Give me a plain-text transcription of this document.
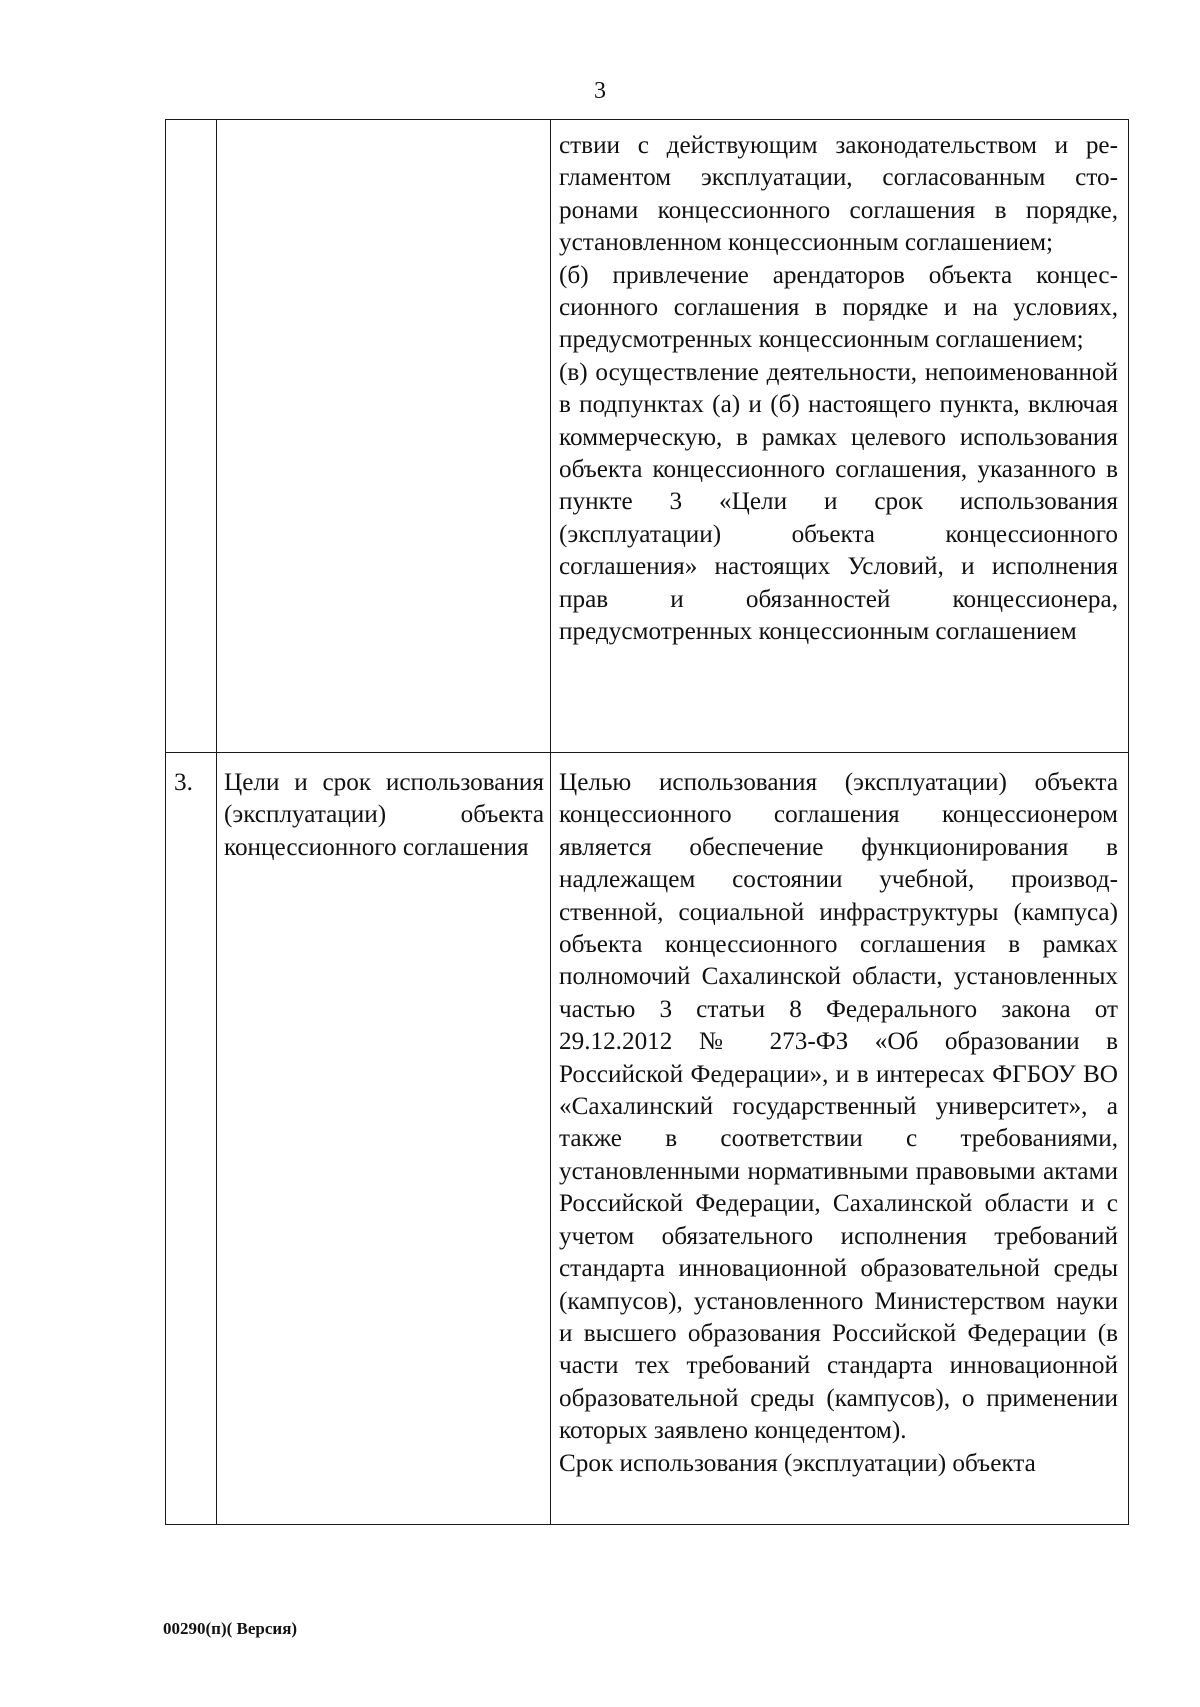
3

		ствии с действующим законодательством и регламентом эксплуатации, согласованным сторонами концессионного соглашения в порядке, установленном концессионным соглашением;
(б) привлечение арендаторов объекта концессионного соглашения в порядке и на условиях, предусмотренных концессионным соглашением;
(в) осуществление деятельности, непоименованной в подпунктах (а) и (б) настоящего пункта, включая коммерческую, в рамках целевого использования объекта концессионного соглашения, указанного в пункте 3 «Цели и срок использования (эксплуатации) объекта концессионного соглашения» настоящих Условий, и исполнения прав и обязанностей концессионера, предусмотренных концессионным соглашением

3.	Цели и срок использования (эксплуатации) объекта концессионного соглашения	Целью использования (эксплуатации) объекта концессионного соглашения концессионером является обеспечение функционирования в надлежащем состоянии учебной, производственной, социальной инфраструктуры (кампуса) объекта концессионного соглашения в рамках полномочий Сахалинской области, установленных частью 3 статьи 8 Федерального закона от 29.12.2012 № 273-ФЗ «Об образовании в Российской Федерации», и в интересах ФГБОУ ВО «Сахалинский государственный университет», а также в соответствии с требованиями, установленными нормативными правовыми актами Российской Федерации, Сахалинской области и с учетом обязательного исполнения требований стандарта инновационной образовательной среды (кампусов), установленного Министерством науки и высшего образования Российской Федерации (в части тех требований стандарта инновационной образовательной среды (кампусов), о применении которых заявлено концедентом).
Срок использования (эксплуатации) объекта
00290(п)( Версия)
